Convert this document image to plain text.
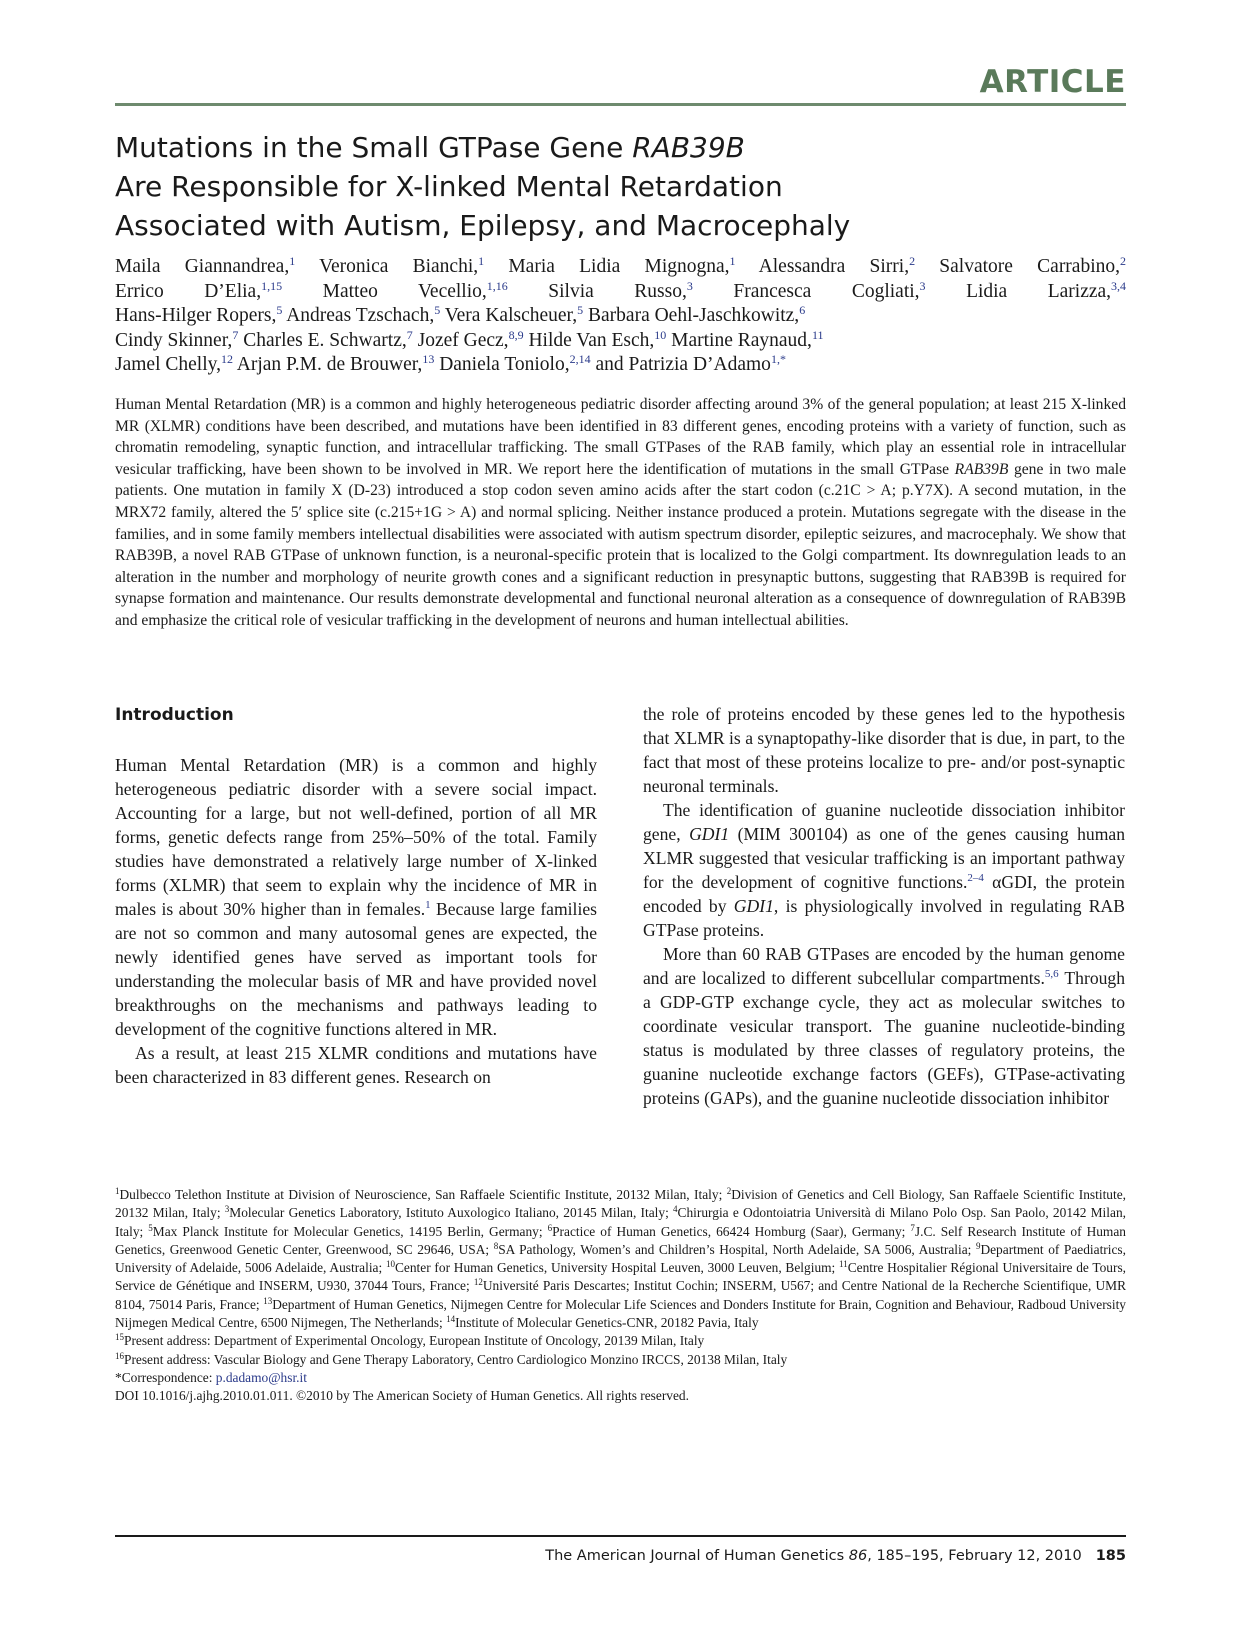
ARTICLE
Mutations in the Small GTPase Gene RAB39B
Are Responsible for X-linked Mental Retardation
Associated with Autism, Epilepsy, and Macrocephaly
Maila Giannandrea,$^1$ Veronica Bianchi,$^1$ Maria Lidia Mignogna,$^1$ Alessandra Sirri,$^2$ Salvatore Carrabino,$^2$
Errico D’Elia,$^{1,15}$ Matteo Vecellio,$^{1,16}$ Silvia Russo,$^3$ Francesca Cogliati,$^3$ Lidia Larizza,$^{3,4}$
Hans-Hilger Ropers,$^5$ Andreas Tzschach,$^5$ Vera Kalscheuer,$^5$ Barbara Oehl-Jaschkowitz,$^6$
Cindy Skinner,$^7$ Charles E. Schwartz,$^7$ Jozef Gecz,$^{8,9}$ Hilde Van Esch,$^{10}$ Martine Raynaud,$^{11}$
Jamel Chelly,$^{12}$ Arjan P.M. de Brouwer,$^{13}$ Daniela Toniolo,$^{2,14}$ and Patrizia D’Adamo$^{1,*}$
Human Mental Retardation (MR) is a common and highly heterogeneous pediatric disorder affecting around 3% of the general population; at least 215 X-linked MR (XLMR) conditions have been described, and mutations have been identified in 83 different genes, encoding proteins with a variety of function, such as chromatin remodeling, synaptic function, and intracellular trafficking. The small GTPases of the RAB family, which play an essential role in intracellular vesicular trafficking, have been shown to be involved in MR. We report here the identification of mutations in the small GTPase RAB39B gene in two male patients. One mutation in family X (D-23) introduced a stop codon seven amino acids after the start codon (c.21C > A; p.Y7X). A second mutation, in the MRX72 family, altered the 5′ splice site (c.215+1G > A) and normal splicing. Neither instance produced a protein. Mutations segregate with the disease in the families, and in some family members intellectual disabilities were associated with autism spectrum disorder, epileptic seizures, and macrocephaly. We show that RAB39B, a novel RAB GTPase of unknown function, is a neuronal-specific protein that is localized to the Golgi compartment. Its downregulation leads to an alteration in the number and morphology of neurite growth cones and a significant reduction in presynaptic buttons, suggesting that RAB39B is required for synapse formation and maintenance. Our results demonstrate developmental and functional neuronal alteration as a consequence of downregulation of RAB39B and emphasize the critical role of vesicular trafficking in the development of neurons and human intellectual abilities.
Introduction

Human Mental Retardation (MR) is a common and highly heterogeneous pediatric disorder with a severe social impact. Accounting for a large, but not well-defined, portion of all MR forms, genetic defects range from 25%–50% of the total. Family studies have demonstrated a relatively large number of X-linked forms (XLMR) that seem to explain why the incidence of MR in males is about 30% higher than in females.$^1$ Because large families are not so common and many autosomal genes are expected, the newly identified genes have served as important tools for understanding the molecular basis of MR and have provided novel breakthroughs on the mechanisms and pathways leading to development of the cognitive functions altered in MR.

As a result, at least 215 XLMR conditions and mutations have been characterized in 83 different genes. Research on

the role of proteins encoded by these genes led to the hypothesis that XLMR is a synaptopathy-like disorder that is due, in part, to the fact that most of these proteins localize to pre- and/or post-synaptic neuronal terminals.

The identification of guanine nucleotide dissociation inhibitor gene, GDI1 (MIM 300104) as one of the genes causing human XLMR suggested that vesicular trafficking is an important pathway for the development of cognitive functions.$^{2-4}$ αGDI, the protein encoded by GDI1, is physiologically involved in regulating RAB GTPase proteins.

More than 60 RAB GTPases are encoded by the human genome and are localized to different subcellular compartments.$^{5,6}$ Through a GDP-GTP exchange cycle, they act as molecular switches to coordinate vesicular transport. The guanine nucleotide-binding status is modulated by three classes of regulatory proteins, the guanine nucleotide exchange factors (GEFs), GTPase-activating proteins (GAPs), and the guanine nucleotide dissociation inhibitor

$^1$Dulbecco Telethon Institute at Division of Neuroscience, San Raffaele Scientific Institute, 20132 Milan, Italy; $^2$Division of Genetics and Cell Biology, San Raffaele Scientific Institute, 20132 Milan, Italy; $^3$Molecular Genetics Laboratory, Istituto Auxologico Italiano, 20145 Milan, Italy; $^4$Chirurgia e Odontoiatria Università di Milano Polo Osp. San Paolo, 20142 Milan, Italy; $^5$Max Planck Institute for Molecular Genetics, 14195 Berlin, Germany; $^6$Practice of Human Genetics, 66424 Homburg (Saar), Germany; $^7$J.C. Self Research Institute of Human Genetics, Greenwood Genetic Center, Greenwood, SC 29646, USA; $^8$SA Pathology, Women’s and Children’s Hospital, North Adelaide, SA 5006, Australia; $^9$Department of Paediatrics, University of Adelaide, 5006 Adelaide, Australia; $^{10}$Center for Human Genetics, University Hospital Leuven, 3000 Leuven, Belgium; $^{11}$Centre Hospitalier Régional Universitaire de Tours, Service de Génétique and INSERM, U930, 37044 Tours, France; $^{12}$Université Paris Descartes; Institut Cochin; INSERM, U567; and Centre National de la Recherche Scientifique, UMR 8104, 75014 Paris, France; $^{13}$Department of Human Genetics, Nijmegen Centre for Molecular Life Sciences and Donders Institute for Brain, Cognition and Behaviour, Radboud University Nijmegen Medical Centre, 6500 Nijmegen, The Netherlands; $^{14}$Institute of Molecular Genetics-CNR, 20182 Pavia, Italy

$^{15}$Present address: Department of Experimental Oncology, European Institute of Oncology, 20139 Milan, Italy

$^{16}$Present address: Vascular Biology and Gene Therapy Laboratory, Centro Cardiologico Monzino IRCCS, 20138 Milan, Italy

*Correspondence: p.dadamo@hsr.it

DOI 10.1016/j.ajhg.2010.01.011. ©2010 by The American Society of Human Genetics. All rights reserved.

The American Journal of Human Genetics 86, 185–195, February 12, 2010 185
